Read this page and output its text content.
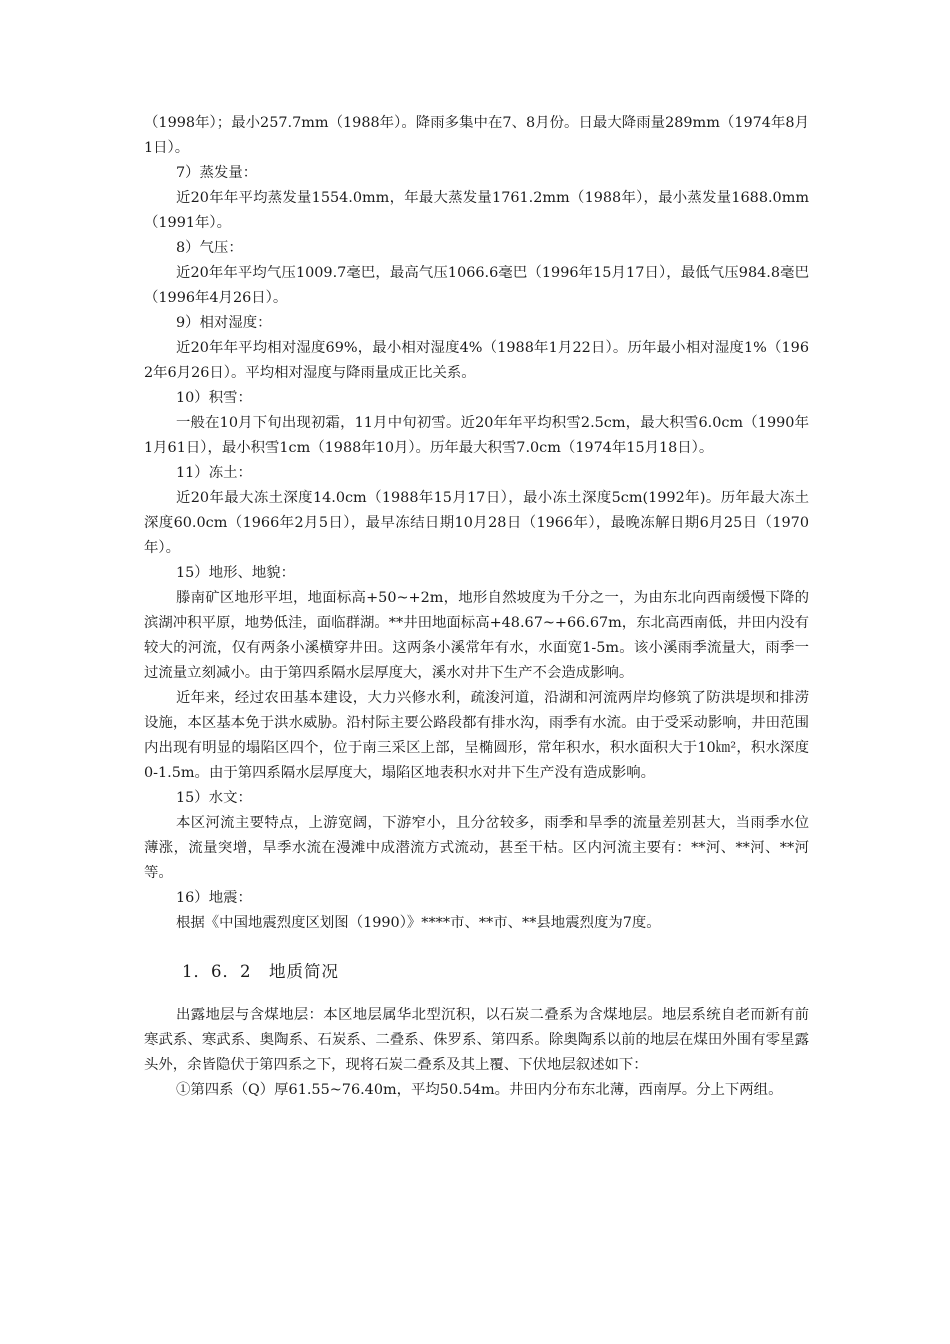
（1998年）；最小257.7mm（1988年）。降雨多集中在7、8月份。日最大降雨量289mm（1974年8月1日）。

7）蒸发量：

近20年年平均蒸发量1554.0mm，年最大蒸发量1761.2mm（1988年），最小蒸发量1688.0mm（1991年）。

8）气压：

近20年年平均气压1009.7毫巴，最高气压1066.6毫巴（1996年15月17日），最低气压984.8毫巴（1996年4月26日）。

9）相对湿度：

近20年年平均相对湿度69%，最小相对湿度4%（1988年1月22日）。历年最小相对湿度1%（1962年6月26日）。平均相对湿度与降雨量成正比关系。

10）积雪：

一般在10月下旬出现初霜，11月中旬初雪。近20年年平均积雪2.5cm，最大积雪6.0cm（1990年1月61日），最小积雪1cm（1988年10月）。历年最大积雪7.0cm（1974年15月18日）。

11）冻土：

近20年最大冻土深度14.0cm（1988年15月17日），最小冻土深度5cm(1992年)。历年最大冻土深度60.0cm（1966年2月5日），最早冻结日期10月28日（1966年），最晚冻解日期6月25日（1970年）。

15）地形、地貌：

滕南矿区地形平坦，地面标高+50~+2m，地形自然坡度为千分之一，为由东北向西南缓慢下降的滨湖冲积平原，地势低洼，面临群湖。**井田地面标高+48.67~+66.67m，东北高西南低，井田内没有较大的河流，仅有两条小溪横穿井田。这两条小溪常年有水，水面宽1-5m。该小溪雨季流量大，雨季一过流量立刻减小。由于第四系隔水层厚度大，溪水对井下生产不会造成影响。

近年来，经过农田基本建设，大力兴修水利，疏浚河道，沿湖和河流两岸均修筑了防洪堤坝和排涝设施，本区基本免于洪水威胁。沿村际主要公路段都有排水沟，雨季有水流。由于受采动影响，井田范围内出现有明显的塌陷区四个，位于南三采区上部，呈椭圆形，常年积水，积水面积大于10㎞²，积水深度0-1.5m。由于第四系隔水层厚度大，塌陷区地表积水对井下生产没有造成影响。

15）水文：

本区河流主要特点，上游宽阔，下游窄小，且分岔较多，雨季和旱季的流量差别甚大，当雨季水位薄涨，流量突增，旱季水流在漫滩中成潜流方式流动，甚至干枯。区内河流主要有：**河、**河、**河等。

16）地震：

根据《中国地震烈度区划图（1990）》****市、**市、**县地震烈度为7度。

1．6．2　地质简况

出露地层与含煤地层：本区地层属华北型沉积，以石炭二叠系为含煤地层。地层系统自老而新有前寒武系、寒武系、奥陶系、石炭系、二叠系、侏罗系、第四系。除奥陶系以前的地层在煤田外围有零星露头外，余皆隐伏于第四系之下，现将石炭二叠系及其上覆、下伏地层叙述如下：

①第四系（Q）厚61.55~76.40m，平均50.54m。井田内分布东北薄，西南厚。分上下两组。
